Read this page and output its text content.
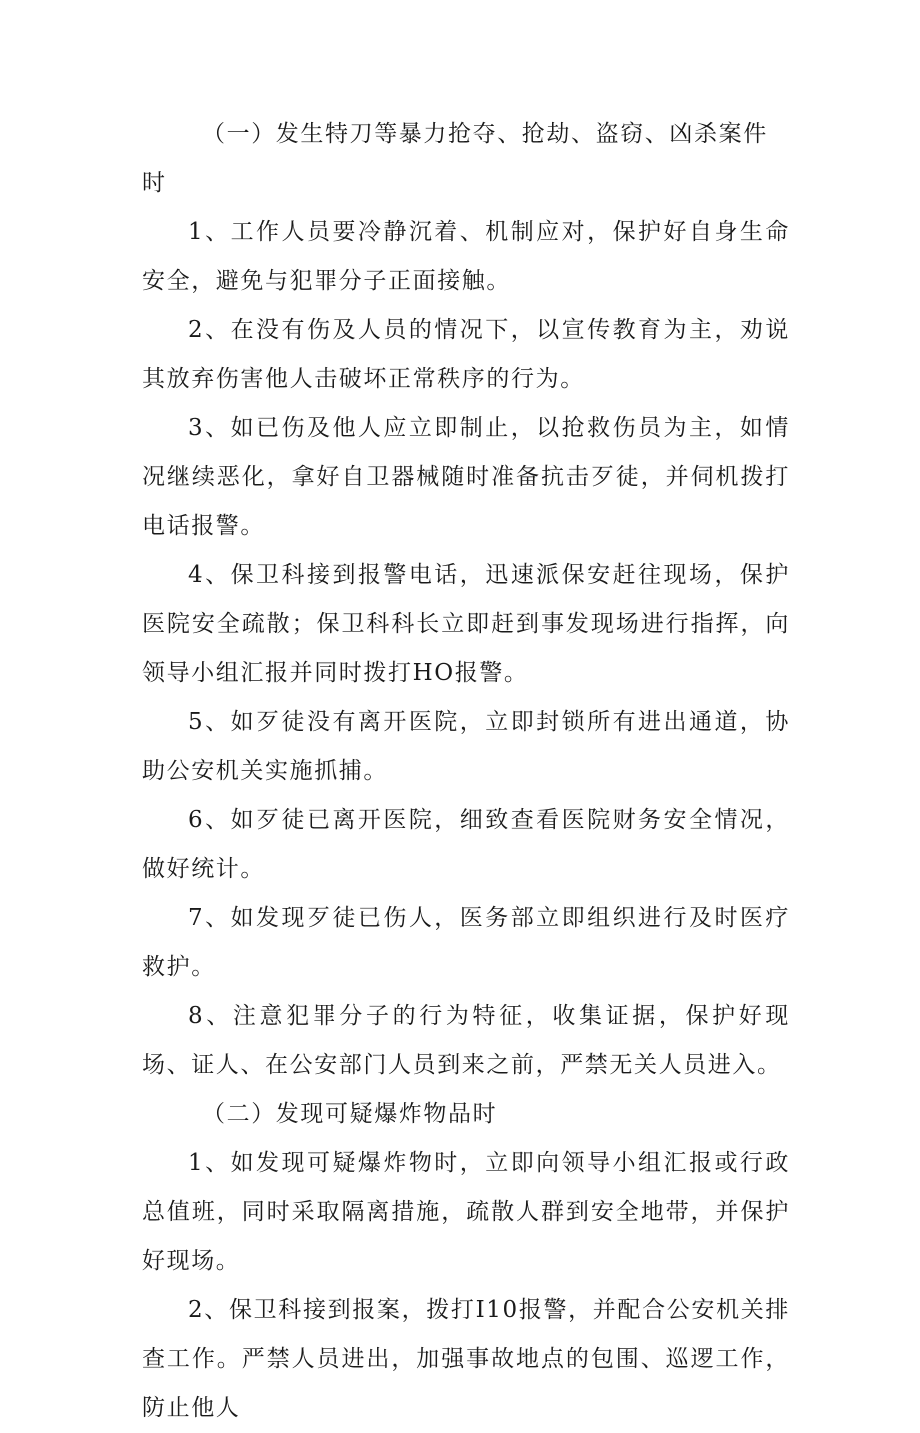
（一）发生特刀等暴力抢夺、抢劫、盗窃、凶杀案件时

1、工作人员要冷静沉着、机制应对，保护好自身生命安全，避免与犯罪分子正面接触。

2、在没有伤及人员的情况下，以宣传教育为主，劝说其放弃伤害他人击破坏正常秩序的行为。

3、如已伤及他人应立即制止，以抢救伤员为主，如情况继续恶化，拿好自卫器械随时准备抗击歹徒，并伺机拨打电话报警。

4、保卫科接到报警电话，迅速派保安赶往现场，保护医院安全疏散；保卫科科长立即赶到事发现场进行指挥，向领导小组汇报并同时拨打HO报警。

5、如歹徒没有离开医院，立即封锁所有进出通道，协助公安机关实施抓捕。

6、如歹徒已离开医院，细致查看医院财务安全情况，做好统计。

7、如发现歹徒已伤人，医务部立即组织进行及时医疗救护。

8、注意犯罪分子的行为特征，收集证据，保护好现场、证人、在公安部门人员到来之前，严禁无关人员进入。

（二）发现可疑爆炸物品时

1、如发现可疑爆炸物时，立即向领导小组汇报或行政总值班，同时采取隔离措施，疏散人群到安全地带，并保护好现场。

2、保卫科接到报案，拨打I10报警，并配合公安机关排查工作。严禁人员进出，加强事故地点的包围、巡逻工作，防止他人
